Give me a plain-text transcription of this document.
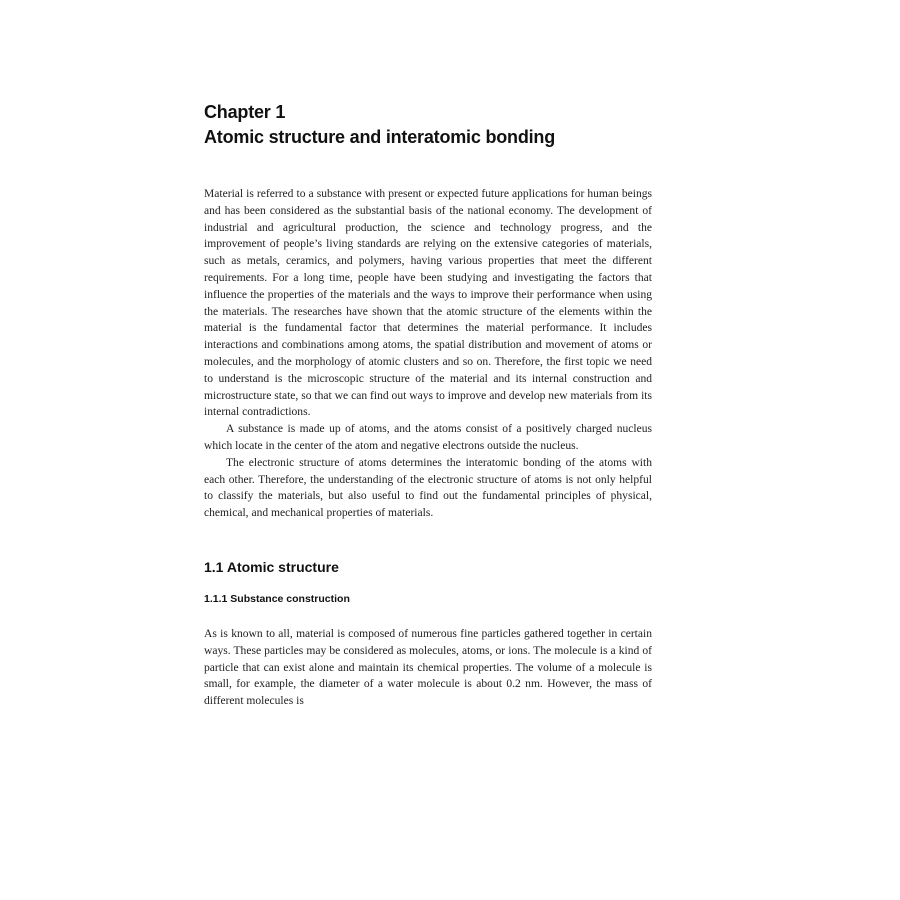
Chapter 1
Atomic structure and interatomic bonding

Material is referred to a substance with present or expected future applications for human beings and has been considered as the substantial basis of the national economy. The development of industrial and agricultural production, the science and technology progress, and the improvement of people’s living standards are relying on the extensive categories of materials, such as metals, ceramics, and polymers, having various properties that meet the different requirements. For a long time, people have been studying and investigating the factors that influence the properties of the materials and the ways to improve their performance when using the materials. The researches have shown that the atomic structure of the elements within the material is the fundamental factor that determines the material performance. It includes interactions and combinations among atoms, the spatial distribution and movement of atoms or molecules, and the morphology of atomic clusters and so on. Therefore, the first topic we need to understand is the microscopic structure of the material and its internal construction and microstructure state, so that we can find out ways to improve and develop new materials from its internal contradictions.

A substance is made up of atoms, and the atoms consist of a positively charged nucleus which locate in the center of the atom and negative electrons outside the nucleus.

The electronic structure of atoms determines the interatomic bonding of the atoms with each other. Therefore, the understanding of the electronic structure of atoms is not only helpful to classify the materials, but also useful to find out the fundamental principles of physical, chemical, and mechanical properties of materials.

1.1 Atomic structure
1.1.1 Substance construction

As is known to all, material is composed of numerous fine particles gathered together in certain ways. These particles may be considered as molecules, atoms, or ions. The molecule is a kind of particle that can exist alone and maintain its chemical properties. The volume of a molecule is small, for example, the diameter of a water molecule is about 0.2 nm. However, the mass of different molecules is
